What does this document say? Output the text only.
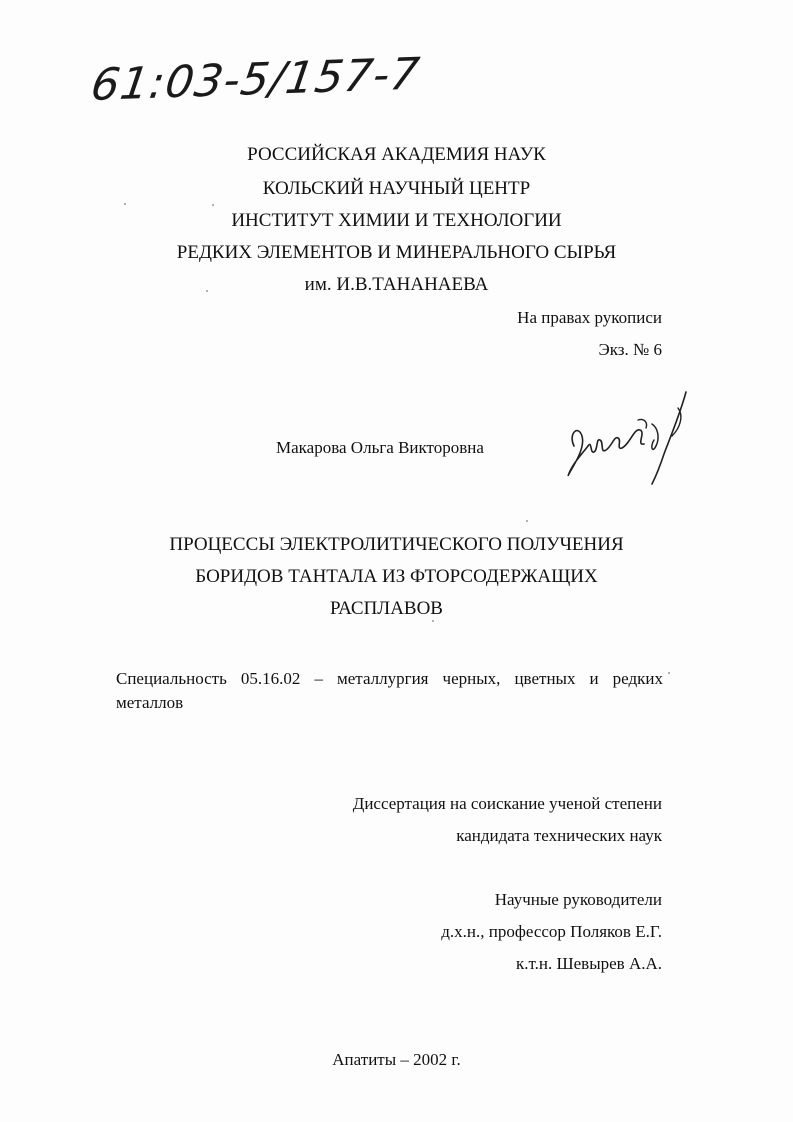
61:03-5/157-7
РОССИЙСКАЯ АКАДЕМИЯ НАУК
КОЛЬСКИЙ НАУЧНЫЙ ЦЕНТР
ИНСТИТУТ ХИМИИ И ТЕХНОЛОГИИ
РЕДКИХ ЭЛЕМЕНТОВ И МИНЕРАЛЬНОГО СЫРЬЯ
им. И.В.ТАНАНАЕВА
На правах рукописи
Экз. № 6
Макарова Ольга Викторовна
ПРОЦЕССЫ ЭЛЕКТРОЛИТИЧЕСКОГО ПОЛУЧЕНИЯ
БОРИДОВ ТАНТАЛА ИЗ ФТОРСОДЕРЖАЩИХ
РАСПЛАВОВ
Специальность 05.16.02 – металлургия черных, цветных и редких
металлов
Диссертация на соискание ученой степени
кандидата технических наук
Научные руководители
д.х.н., профессор Поляков Е.Г.
к.т.н. Шевырев А.А.
Апатиты – 2002 г.
